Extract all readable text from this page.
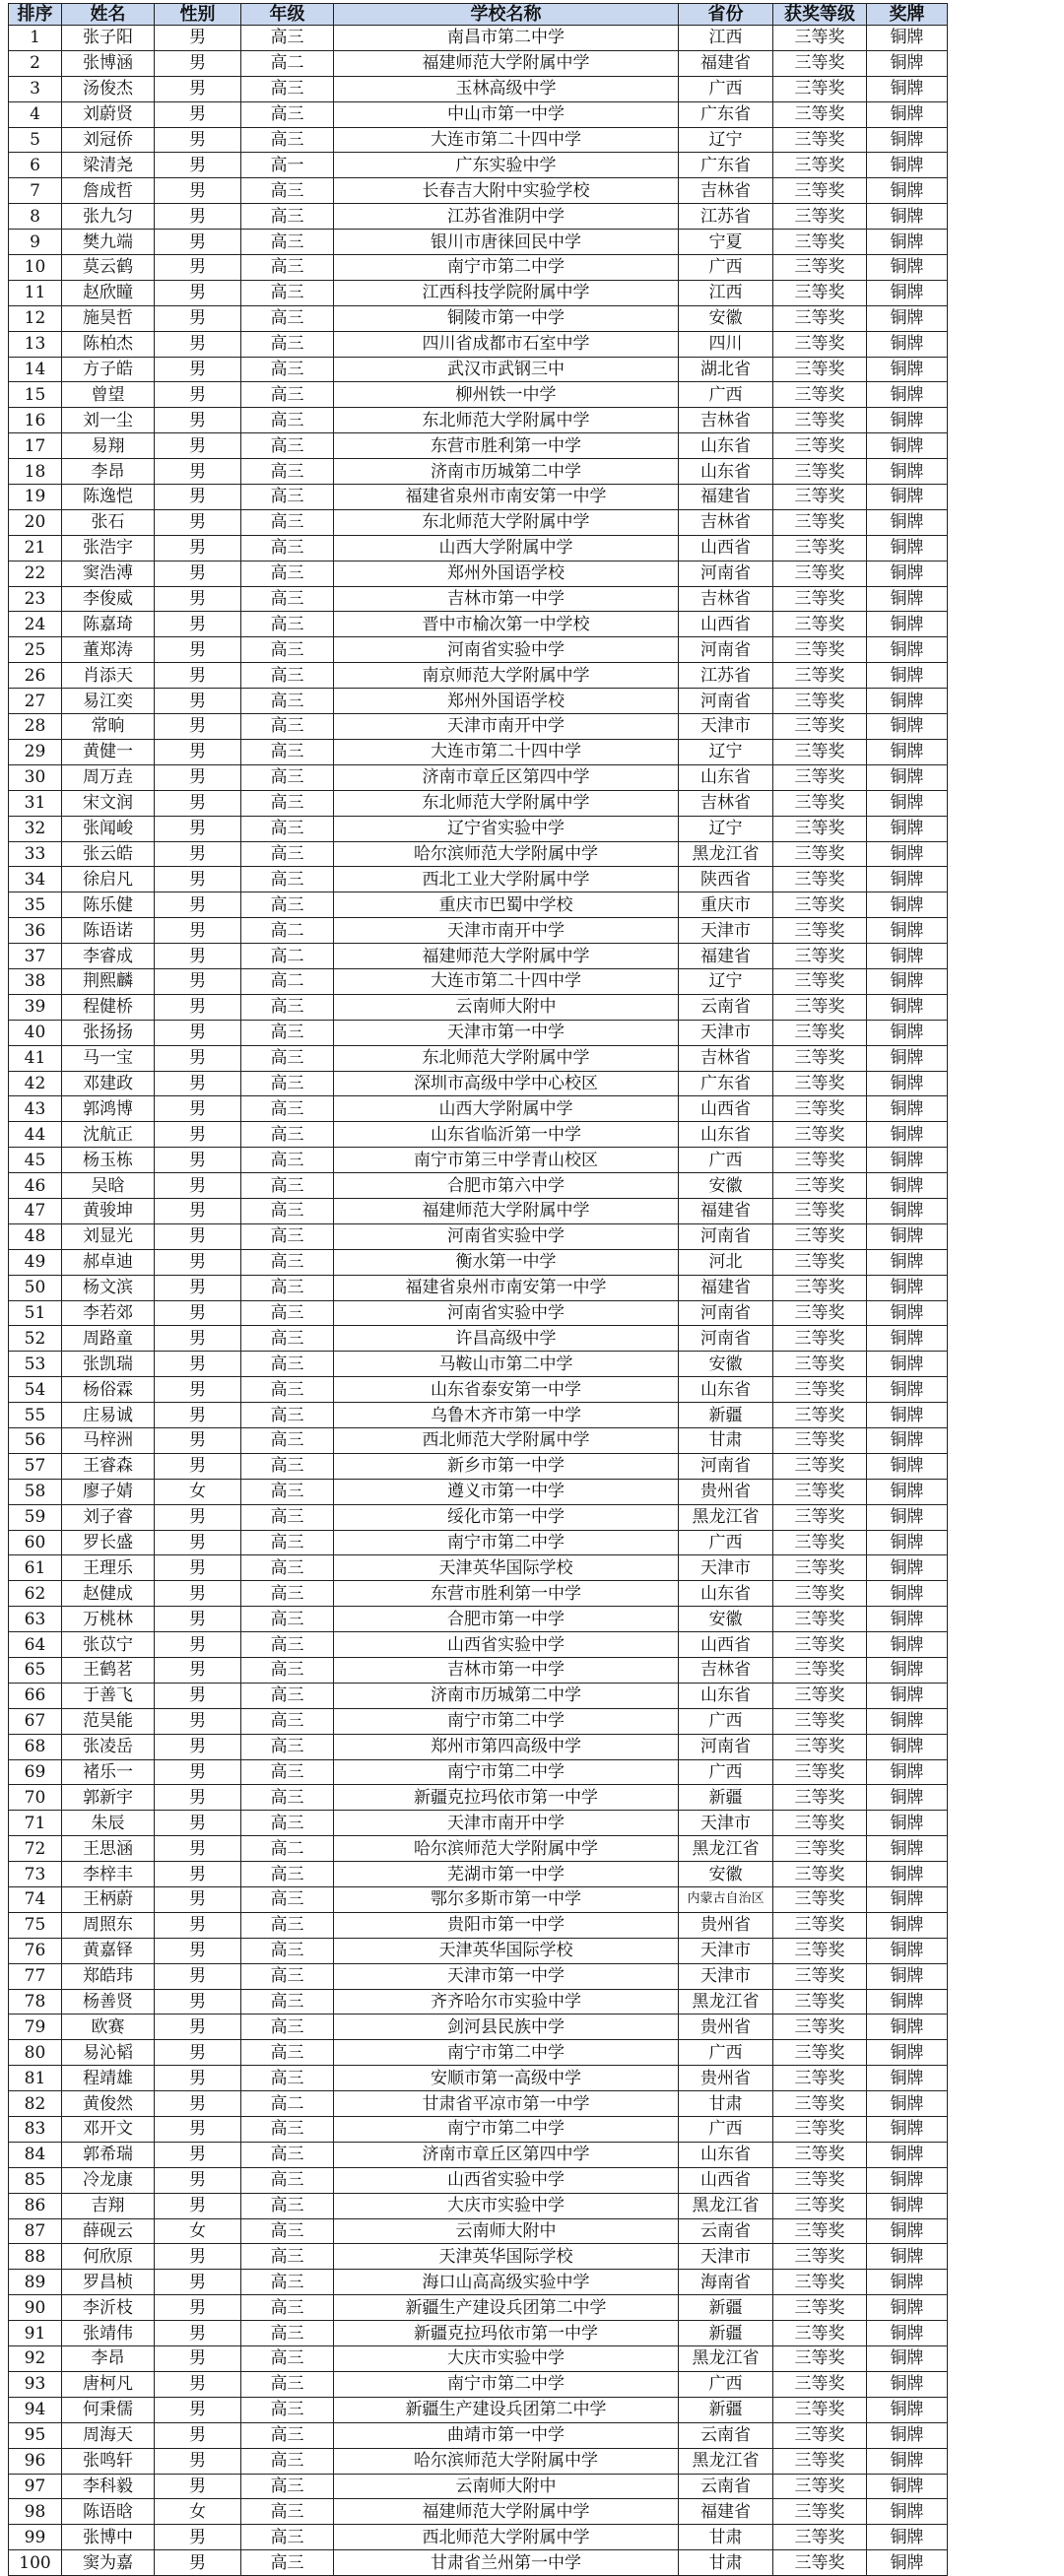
排序	姓名	性别	年级	学校名称	省份	获奖等级	奖牌
1	张子阳	男	高三	南昌市第二中学	江西	三等奖	铜牌
2	张博涵	男	高二	福建师范大学附属中学	福建省	三等奖	铜牌
3	汤俊杰	男	高三	玉林高级中学	广西	三等奖	铜牌
4	刘蔚贤	男	高三	中山市第一中学	广东省	三等奖	铜牌
5	刘冠侨	男	高三	大连市第二十四中学	辽宁	三等奖	铜牌
6	梁清尧	男	高一	广东实验中学	广东省	三等奖	铜牌
7	詹成哲	男	高三	长春吉大附中实验学校	吉林省	三等奖	铜牌
8	张九匀	男	高三	江苏省淮阴中学	江苏省	三等奖	铜牌
9	樊九端	男	高三	银川市唐徕回民中学	宁夏	三等奖	铜牌
10	莫云鹤	男	高三	南宁市第二中学	广西	三等奖	铜牌
11	赵欣瞳	男	高三	江西科技学院附属中学	江西	三等奖	铜牌
12	施昊哲	男	高三	铜陵市第一中学	安徽	三等奖	铜牌
13	陈柏杰	男	高三	四川省成都市石室中学	四川	三等奖	铜牌
14	方子皓	男	高三	武汉市武钢三中	湖北省	三等奖	铜牌
15	曾望	男	高三	柳州铁一中学	广西	三等奖	铜牌
16	刘一尘	男	高三	东北师范大学附属中学	吉林省	三等奖	铜牌
17	易翔	男	高三	东营市胜利第一中学	山东省	三等奖	铜牌
18	李昂	男	高三	济南市历城第二中学	山东省	三等奖	铜牌
19	陈逸恺	男	高三	福建省泉州市南安第一中学	福建省	三等奖	铜牌
20	张石	男	高三	东北师范大学附属中学	吉林省	三等奖	铜牌
21	张浩宇	男	高三	山西大学附属中学	山西省	三等奖	铜牌
22	窦浩溥	男	高三	郑州外国语学校	河南省	三等奖	铜牌
23	李俊威	男	高三	吉林市第一中学	吉林省	三等奖	铜牌
24	陈嘉琦	男	高三	晋中市榆次第一中学校	山西省	三等奖	铜牌
25	董郑涛	男	高三	河南省实验中学	河南省	三等奖	铜牌
26	肖添天	男	高三	南京师范大学附属中学	江苏省	三等奖	铜牌
27	易江奕	男	高三	郑州外国语学校	河南省	三等奖	铜牌
28	常晌	男	高三	天津市南开中学	天津市	三等奖	铜牌
29	黄健一	男	高三	大连市第二十四中学	辽宁	三等奖	铜牌
30	周万垚	男	高三	济南市章丘区第四中学	山东省	三等奖	铜牌
31	宋文润	男	高三	东北师范大学附属中学	吉林省	三等奖	铜牌
32	张闻峻	男	高三	辽宁省实验中学	辽宁	三等奖	铜牌
33	张云皓	男	高三	哈尔滨师范大学附属中学	黑龙江省	三等奖	铜牌
34	徐启凡	男	高三	西北工业大学附属中学	陕西省	三等奖	铜牌
35	陈乐健	男	高三	重庆市巴蜀中学校	重庆市	三等奖	铜牌
36	陈语诺	男	高二	天津市南开中学	天津市	三等奖	铜牌
37	李睿成	男	高二	福建师范大学附属中学	福建省	三等奖	铜牌
38	荆熙麟	男	高二	大连市第二十四中学	辽宁	三等奖	铜牌
39	程健桥	男	高三	云南师大附中	云南省	三等奖	铜牌
40	张扬扬	男	高三	天津市第一中学	天津市	三等奖	铜牌
41	马一宝	男	高三	东北师范大学附属中学	吉林省	三等奖	铜牌
42	邓建政	男	高三	深圳市高级中学中心校区	广东省	三等奖	铜牌
43	郭鸿博	男	高三	山西大学附属中学	山西省	三等奖	铜牌
44	沈航正	男	高三	山东省临沂第一中学	山东省	三等奖	铜牌
45	杨玉栋	男	高三	南宁市第三中学青山校区	广西	三等奖	铜牌
46	吴晗	男	高三	合肥市第六中学	安徽	三等奖	铜牌
47	黄骏坤	男	高三	福建师范大学附属中学	福建省	三等奖	铜牌
48	刘显光	男	高三	河南省实验中学	河南省	三等奖	铜牌
49	郝卓迪	男	高三	衡水第一中学	河北	三等奖	铜牌
50	杨文滨	男	高三	福建省泉州市南安第一中学	福建省	三等奖	铜牌
51	李若郊	男	高三	河南省实验中学	河南省	三等奖	铜牌
52	周路童	男	高三	许昌高级中学	河南省	三等奖	铜牌
53	张凯瑞	男	高三	马鞍山市第二中学	安徽	三等奖	铜牌
54	杨俗霖	男	高三	山东省泰安第一中学	山东省	三等奖	铜牌
55	庄易诚	男	高三	乌鲁木齐市第一中学	新疆	三等奖	铜牌
56	马梓洲	男	高三	西北师范大学附属中学	甘肃	三等奖	铜牌
57	王睿森	男	高三	新乡市第一中学	河南省	三等奖	铜牌
58	廖子婧	女	高三	遵义市第一中学	贵州省	三等奖	铜牌
59	刘子睿	男	高三	绥化市第一中学	黑龙江省	三等奖	铜牌
60	罗长盛	男	高三	南宁市第二中学	广西	三等奖	铜牌
61	王理乐	男	高三	天津英华国际学校	天津市	三等奖	铜牌
62	赵健成	男	高三	东营市胜利第一中学	山东省	三等奖	铜牌
63	万桃林	男	高三	合肥市第一中学	安徽	三等奖	铜牌
64	张苡宁	男	高三	山西省实验中学	山西省	三等奖	铜牌
65	王鹤茗	男	高三	吉林市第一中学	吉林省	三等奖	铜牌
66	于善飞	男	高三	济南市历城第二中学	山东省	三等奖	铜牌
67	范昊能	男	高三	南宁市第二中学	广西	三等奖	铜牌
68	张凌岳	男	高三	郑州市第四高级中学	河南省	三等奖	铜牌
69	褚乐一	男	高三	南宁市第二中学	广西	三等奖	铜牌
70	郭新宇	男	高三	新疆克拉玛依市第一中学	新疆	三等奖	铜牌
71	朱辰	男	高三	天津市南开中学	天津市	三等奖	铜牌
72	王思涵	男	高二	哈尔滨师范大学附属中学	黑龙江省	三等奖	铜牌
73	李梓丰	男	高三	芜湖市第一中学	安徽	三等奖	铜牌
74	王柄蔚	男	高三	鄂尔多斯市第一中学	内蒙古自治区	三等奖	铜牌
75	周照东	男	高三	贵阳市第一中学	贵州省	三等奖	铜牌
76	黄嘉铎	男	高三	天津英华国际学校	天津市	三等奖	铜牌
77	郑皓玮	男	高三	天津市第一中学	天津市	三等奖	铜牌
78	杨善贤	男	高三	齐齐哈尔市实验中学	黑龙江省	三等奖	铜牌
79	欧赛	男	高三	剑河县民族中学	贵州省	三等奖	铜牌
80	易沁韬	男	高三	南宁市第二中学	广西	三等奖	铜牌
81	程靖雄	男	高三	安顺市第一高级中学	贵州省	三等奖	铜牌
82	黄俊然	男	高二	甘肃省平凉市第一中学	甘肃	三等奖	铜牌
83	邓开文	男	高三	南宁市第二中学	广西	三等奖	铜牌
84	郭希瑞	男	高三	济南市章丘区第四中学	山东省	三等奖	铜牌
85	冷龙康	男	高三	山西省实验中学	山西省	三等奖	铜牌
86	吉翔	男	高三	大庆市实验中学	黑龙江省	三等奖	铜牌
87	薛砚云	女	高三	云南师大附中	云南省	三等奖	铜牌
88	何欣原	男	高三	天津英华国际学校	天津市	三等奖	铜牌
89	罗昌桢	男	高三	海口山高高级实验中学	海南省	三等奖	铜牌
90	李沂枝	男	高三	新疆生产建设兵团第二中学	新疆	三等奖	铜牌
91	张靖伟	男	高三	新疆克拉玛依市第一中学	新疆	三等奖	铜牌
92	李昂	男	高三	大庆市实验中学	黑龙江省	三等奖	铜牌
93	唐柯凡	男	高三	南宁市第二中学	广西	三等奖	铜牌
94	何秉儒	男	高三	新疆生产建设兵团第二中学	新疆	三等奖	铜牌
95	周海天	男	高三	曲靖市第一中学	云南省	三等奖	铜牌
96	张鸣轩	男	高三	哈尔滨师范大学附属中学	黑龙江省	三等奖	铜牌
97	李科毅	男	高三	云南师大附中	云南省	三等奖	铜牌
98	陈语晗	女	高三	福建师范大学附属中学	福建省	三等奖	铜牌
99	张博中	男	高三	西北师范大学附属中学	甘肃	三等奖	铜牌
100	窦为嘉	男	高三	甘肃省兰州第一中学	甘肃	三等奖	铜牌
